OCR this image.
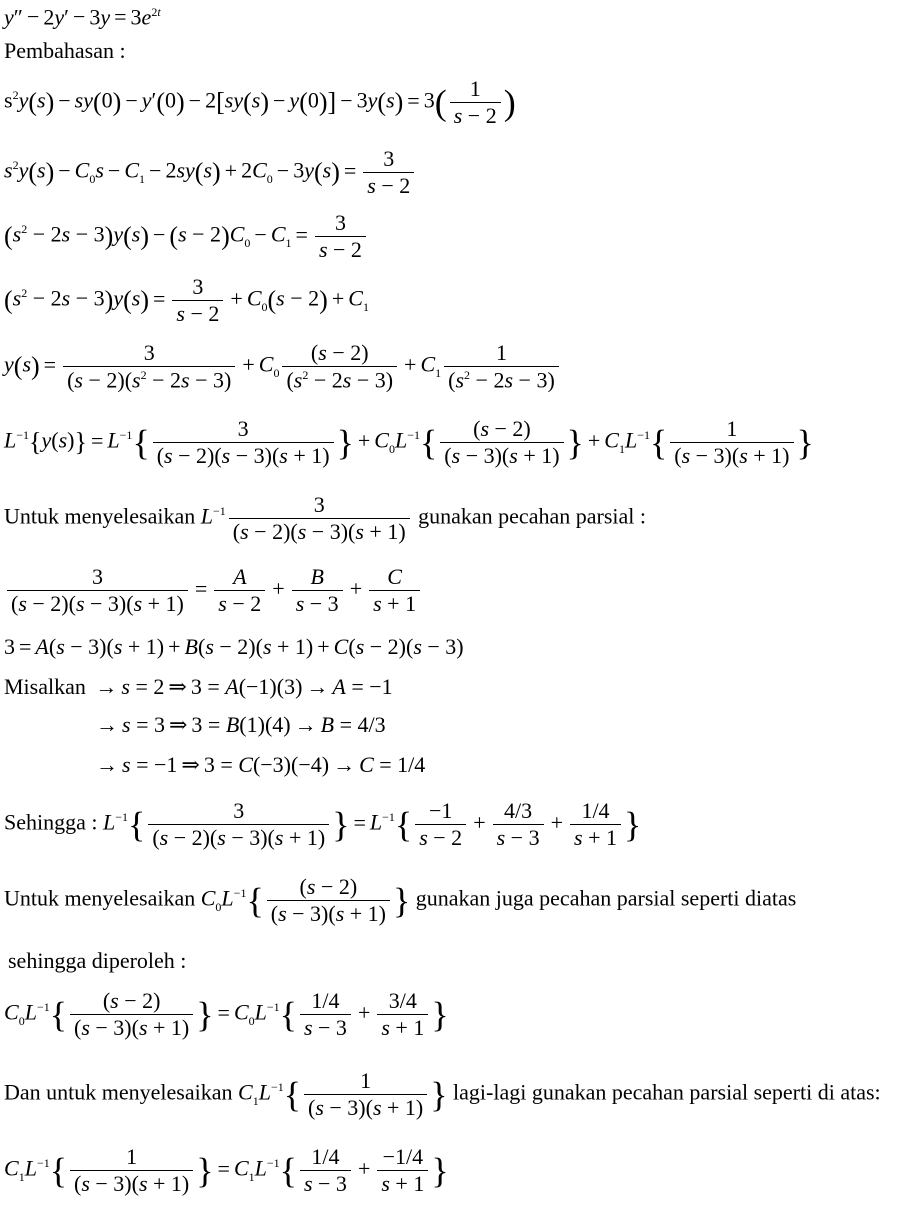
$y'' - 2y' - 3y = 3e^{2t}$
Pembahasan :
$s^2y(s) - sy(0) - y'(0) - 2[sy(s) - y(0)] - 3y(s) = 3( \frac{1}{s - 2}$ )
$s^2y(s) - C_0s - C_1 - 2sy(s) + 2C_0 - 3y(s) = \frac{3}{s - 2}$
$(s^2 - 2s - 3)y(s) - (s - 2)C_0 - C_1 = \frac{3}{s - 2}$
$(s^2 - 2s - 3)y(s) = \frac{3}{s - 2} + C_0(s - 2) + C_1$
$y(s) = \frac{3}{(s - 2)(s^2 - 2s - 3)} + C_0 \frac{(s - 2)}{(s^2 - 2s - 3)} + C_1 \frac{1}{(s^2 - 2s - 3)}$
$L^{-1}\{y(s)\} = L^{-1}\{ \frac{3}{(s - 2)(s - 3)(s + 1)}$ } + $C_0L^{-1}\{ \frac{(s - 2)}{(s - 3)(s + 1)}$ } + $C_1L^{-1}\{ \frac{1}{(s - 3)(s + 1)}$ }
Untuk menyelesaikan $L^{-1} \frac{3}{(s - 2)(s - 3)(s + 1)}$ gunakan pecahan parsial :
$\frac{3}{(s - 2)(s - 3)(s + 1)} = \frac{A}{s - 2} + \frac{B}{s - 3} + \frac{C}{s + 1}$
3 = A(s − 3)(s + 1) + B(s − 2)(s + 1) + C(s − 2)(s − 3)
Misalkan → s = 2 ⇒ 3 = A(−1)(3) → A = −1
→ s = 3 ⇒ 3 = B(1)(4) → B = 4/3
→ s = −1 ⇒ 3 = C(−3)(−4) → C = 1/4
Sehingga : $L^{-1}\{ \frac{3}{(s - 2)(s - 3)(s + 1)}$ } = $L^{-1}\{ \frac{-1}{s - 2} + \frac{4/3}{s - 3} + \frac{1/4}{s + 1}$ }
Untuk menyelesaikan $C_0L^{-1}\{ \frac{(s - 2)}{(s - 3)(s + 1)}$ } gunakan juga pecahan parsial seperti diatas
sehingga diperoleh :
$C_0L^{-1}\{ \frac{(s - 2)}{(s - 3)(s + 1)}$ } = $C_0L^{-1}\{ \frac{1/4}{s - 3} + \frac{3/4}{s + 1}$ }
Dan untuk menyelesaikan $C_1L^{-1}\{ \frac{1}{(s - 3)(s + 1)}$ } lagi-lagi gunakan pecahan parsial seperti di atas:
$C_1L^{-1}\{ \frac{1}{(s - 3)(s + 1)}$ } = $C_1L^{-1}\{ \frac{1/4}{s - 3} + \frac{-1/4}{s + 1}$ }
